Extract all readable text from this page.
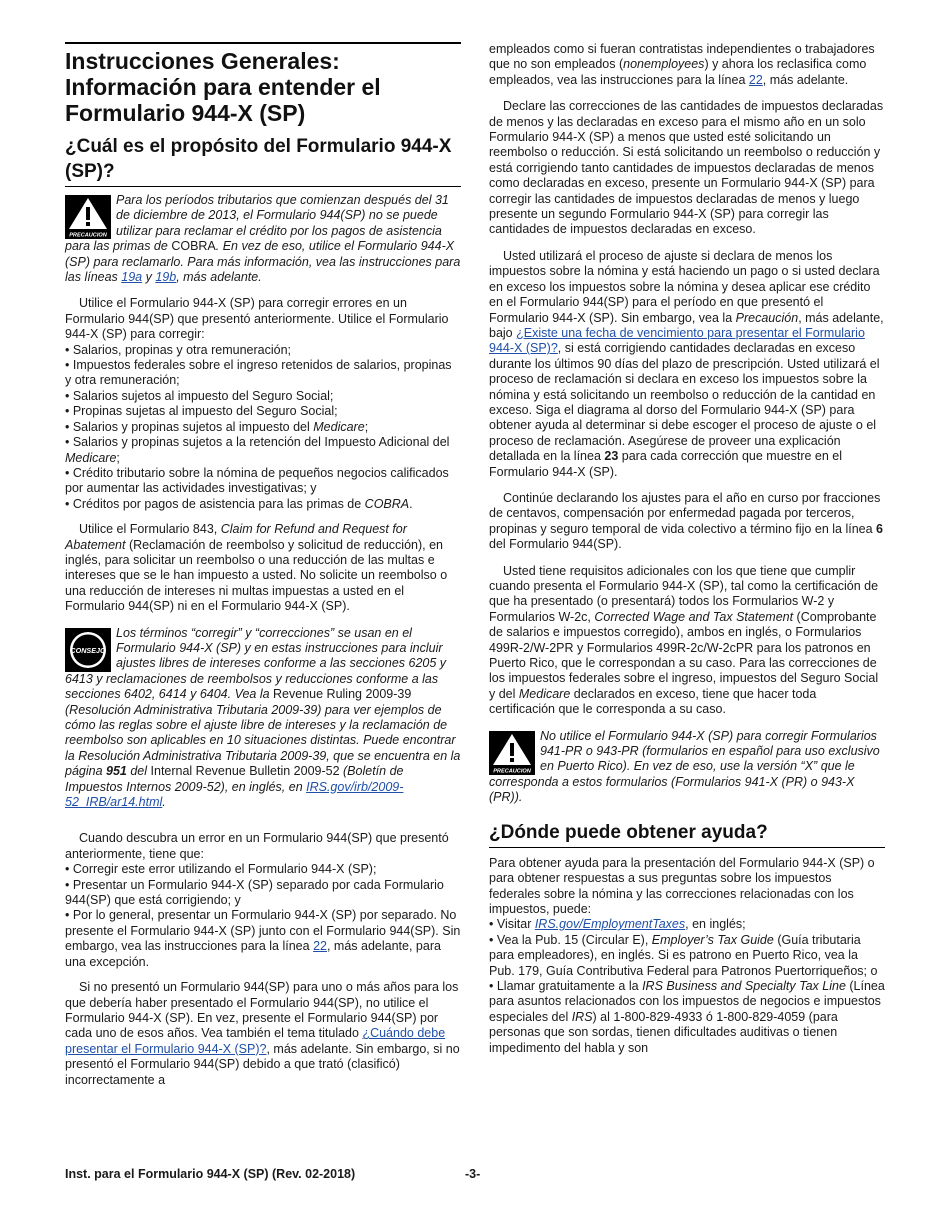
Instrucciones Generales: Información para entender el Formulario 944-X (SP)
¿Cuál es el propósito del Formulario 944-X (SP)?
PRECAUCION
Para los períodos tributarios que comienzan después del 31 de diciembre de 2013, el Formulario 944(SP) no se puede utilizar para reclamar el crédito por los pagos de asistencia para las primas de COBRA. En vez de eso, utilice el Formulario 944-X (SP) para reclamarlo. Para más información, vea las instrucciones para las líneas 19a y 19b, más adelante.

Utilice el Formulario 944-X (SP) para corregir errores en un Formulario 944(SP) que presentó anteriormente. Utilice el Formulario 944-X (SP) para corregir:

• Salarios, propinas y otra remuneración;
• Impuestos federales sobre el ingreso retenidos de salarios, propinas y otra remuneración;
• Salarios sujetos al impuesto del Seguro Social;
• Propinas sujetas al impuesto del Seguro Social;
• Salarios y propinas sujetos al impuesto del Medicare;
• Salarios y propinas sujetos a la retención del Impuesto Adicional del Medicare;
• Crédito tributario sobre la nómina de pequeños negocios calificados por aumentar las actividades investigativas; y
• Créditos por pagos de asistencia para las primas de COBRA.

Utilice el Formulario 843, Claim for Refund and Request for Abatement (Reclamación de reembolso y solicitud de reducción), en inglés, para solicitar un reembolso o una reducción de las multas e intereses que se le han impuesto a usted. No solicite un reembolso o una reducción de intereses ni multas impuestas a usted en el Formulario 944(SP) ni en el Formulario 944-X (SP).

CONSEJO
Los términos “corregir” y “correcciones” se usan en el Formulario 944-X (SP) y en estas instrucciones para incluir ajustes libres de intereses conforme a las secciones 6205 y 6413 y reclamaciones de reembolsos y reducciones conforme a las secciones 6402, 6414 y 6404. Vea la Revenue Ruling 2009-39 (Resolución Administrativa Tributaria 2009-39) para ver ejemplos de cómo las reglas sobre el ajuste libre de intereses y la reclamación de reembolso son aplicables en 10 situaciones distintas. Puede encontrar la Resolución Administrativa Tributaria 2009-39, que se encuentra en la página 951 del Internal Revenue Bulletin 2009-52 (Boletín de Impuestos Internos 2009-52), en inglés, en IRS.gov/irb/2009-52_IRB/ar14.html.

Cuando descubra un error en un Formulario 944(SP) que presentó anteriormente, tiene que:

• Corregir este error utilizando el Formulario 944-X (SP);
• Presentar un Formulario 944-X (SP) separado por cada Formulario 944(SP) que está corrigiendo; y
• Por lo general, presentar un Formulario 944-X (SP) por separado. No presente el Formulario 944-X (SP) junto con el Formulario 944(SP). Sin embargo, vea las instrucciones para la línea 22, más adelante, para una excepción.

Si no presentó un Formulario 944(SP) para uno o más años para los que debería haber presentado el Formulario 944(SP), no utilice el Formulario 944-X (SP). En vez, presente el Formulario 944(SP) por cada uno de esos años. Vea también el tema titulado ¿Cuándo debe presentar el Formulario 944-X (SP)?, más adelante. Sin embargo, si no presentó el Formulario 944(SP) debido a que trató (clasificó) incorrectamente a

empleados como si fueran contratistas independientes o trabajadores que no son empleados (nonemployees) y ahora los reclasifica como empleados, vea las instrucciones para la línea 22, más adelante.

Declare las correcciones de las cantidades de impuestos declaradas de menos y las declaradas en exceso para el mismo año en un solo Formulario 944-X (SP) a menos que usted esté solicitando un reembolso o reducción. Si está solicitando un reembolso o reducción y está corrigiendo tanto cantidades de impuestos declaradas de menos como declaradas en exceso, presente un Formulario 944-X (SP) para corregir las cantidades de impuestos declaradas de menos y luego presente un segundo Formulario 944-X (SP) para corregir las cantidades de impuestos declaradas en exceso.

Usted utilizará el proceso de ajuste si declara de menos los impuestos sobre la nómina y está haciendo un pago o si usted declara en exceso los impuestos sobre la nómina y desea aplicar ese crédito en el Formulario 944(SP) para el período en que presentó el Formulario 944-X (SP). Sin embargo, vea la Precaución, más adelante, bajo ¿Existe una fecha de vencimiento para presentar el Formulario 944-X (SP)?, si está corrigiendo cantidades declaradas en exceso durante los últimos 90 días del plazo de prescripción. Usted utilizará el proceso de reclamación si declara en exceso los impuestos sobre la nómina y está solicitando un reembolso o reducción de la cantidad en exceso. Siga el diagrama al dorso del Formulario 944-X (SP) para obtener ayuda al determinar si debe escoger el proceso de ajuste o el proceso de reclamación. Asegúrese de proveer una explicación detallada en la línea 23 para cada corrección que muestre en el Formulario 944-X (SP).

Continúe declarando los ajustes para el año en curso por fracciones de centavos, compensación por enfermedad pagada por terceros, propinas y seguro temporal de vida colectivo a término fijo en la línea 6 del Formulario 944(SP).

Usted tiene requisitos adicionales con los que tiene que cumplir cuando presenta el Formulario 944-X (SP), tal como la certificación de que ha presentado (o presentará) todos los Formularios W-2 y Formularios W-2c, Corrected Wage and Tax Statement (Comprobante de salarios e impuestos corregido), ambos en inglés, o Formularios 499R-2/W-2PR y Formularios 499R-2c/W-2cPR para los patronos en Puerto Rico, que le correspondan a su caso. Para las correcciones de los impuestos federales sobre el ingreso, impuestos del Seguro Social y del Medicare declarados en exceso, tiene que hacer toda certificación que le corresponda a su caso.

PRECAUCION
No utilice el Formulario 944-X (SP) para corregir Formularios 941-PR o 943-PR (formularios en español para uso exclusivo en Puerto Rico). En vez de eso, use la versión “X” que le corresponda a estos formularios (Formularios 941-X (PR) o 943-X (PR)).
¿Dónde puede obtener ayuda?

Para obtener ayuda para la presentación del Formulario 944-X (SP) o para obtener respuestas a sus preguntas sobre los impuestos federales sobre la nómina y las correcciones relacionadas con los impuestos, puede:

• Visitar IRS.gov/EmploymentTaxes, en inglés;
• Vea la Pub. 15 (Circular E), Employer’s Tax Guide (Guía tributaria para empleadores), en inglés. Si es patrono en Puerto Rico, vea la Pub. 179, Guía Contributiva Federal para Patronos Puertorriqueños; o
• Llamar gratuitamente a la IRS Business and Specialty Tax Line (Línea para asuntos relacionados con los impuestos de negocios e impuestos especiales del IRS) al 1-800-829-4933 ó 1-800-829-4059 (para personas que son sordas, tienen dificultades auditivas o tienen impedimento del habla y son
Inst. para el Formulario 944-X (SP) (Rev. 02-2018)	-3-
